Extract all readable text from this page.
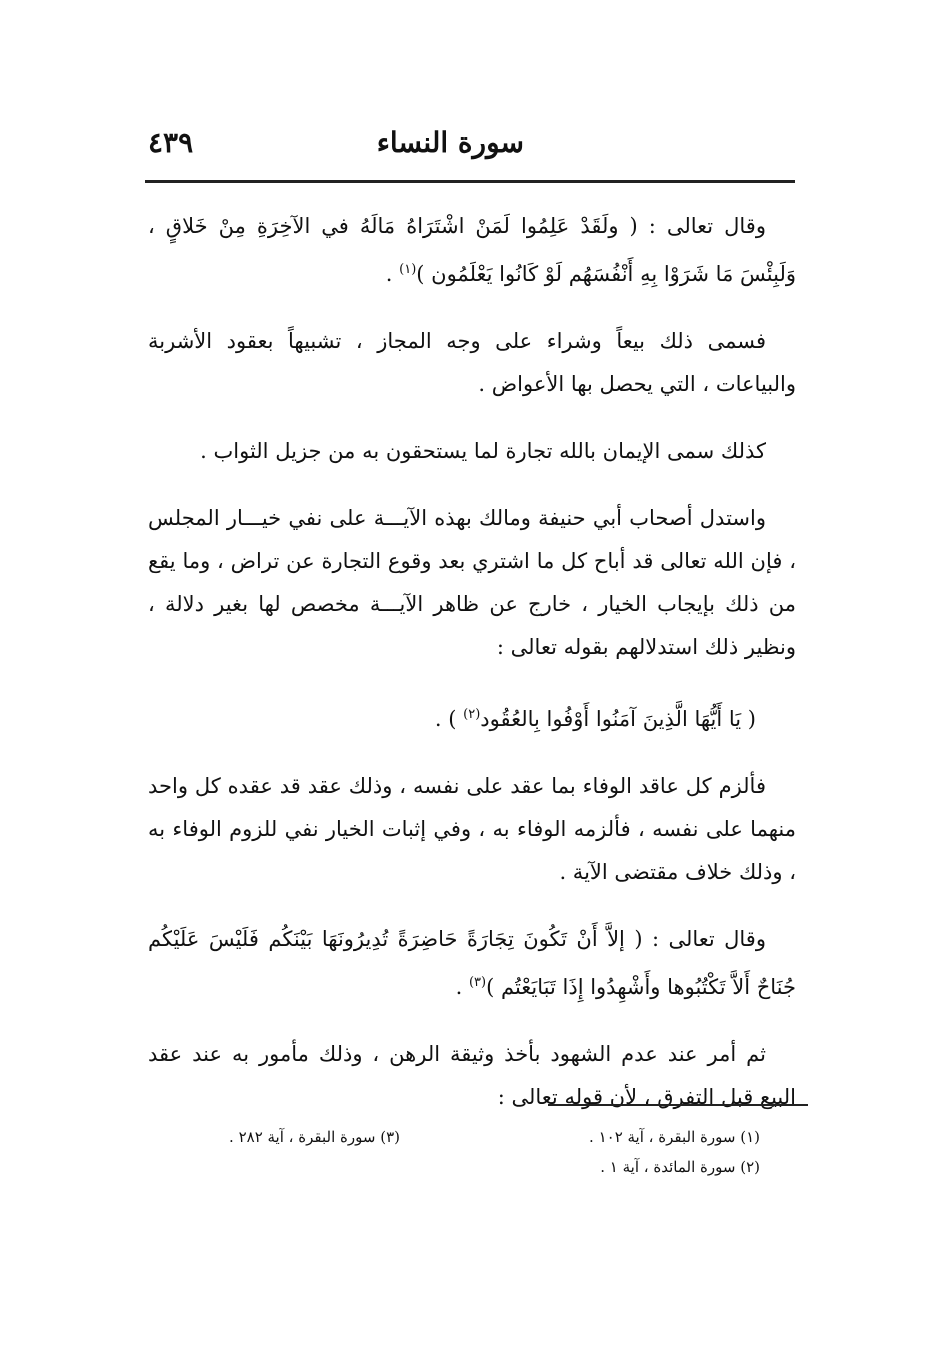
سورة النساء
٤٣٩

وقال تعالى : ( ولَقَدْ عَلِمُوا لَمَنْ اشْتَرَاهُ مَالَهُ في الآخِرَةِ مِنْ خَلاقٍ ، وَلَبِئْسَ مَا شَرَوْا بِهِ أَنْفُسَهُم لَوْ كَانُوا يَعْلَمُون )$^{(١)}$ .

فسمى ذلك بيعاً وشراء على وجه المجاز ، تشبيهاً بعقود الأشربة والبياعات ، التي يحصل بها الأعواض .

كذلك سمى الإيمان بالله تجارة لما يستحقون به من جزيل الثواب .

واستدل أصحاب أبي حنيفة ومالك بهذه الآيـــة على نفي خيـــار المجلس ، فإن الله تعالى قد أباح كل ما اشتري بعد وقوع التجارة عن تراض ، وما يقع من ذلك بإيجاب الخيار ، خارج عن ظاهر الآيـــة مخصص لها بغير دلالة ، ونظير ذلك استدلالهم بقوله تعالى :

( يَا أَيُّهَا الَّذِينَ آمَنُوا أَوْفُوا بِالعُقُود$^{(٢)}$ ) .

فألزم كل عاقد الوفاء بما عقد على نفسه ، وذلك عقد قد عقده كل واحد منهما على نفسه ، فألزمه الوفاء به ، وفي إثبات الخيار نفي للزوم الوفاء به ، وذلك خلاف مقتضى الآية .

وقال تعالى : ( إلاَّ أَنْ تَكُونَ تِجَارَةً حَاضِرَةً تُدِيرُونَهَا بَيْنَكُم فَلَيْسَ عَلَيْكُم جُنَاحٌ أَلاَّ تَكْتُبُوها وأَشْهِدُوا إِذَا تَبَايَعْتُم )$^{(٣)}$ .

ثم أمر عند عدم الشهود بأخذ وثيقة الرهن ، وذلك مأمور به عند عقد البيع قبل التفرق ، لأن قوله تعالى :

(١) سورة البقرة ، آية ١٠٢ .

(٢) سورة المائدة ، آية ١ .

(٣) سورة البقرة ، آية ٢٨٢ .
